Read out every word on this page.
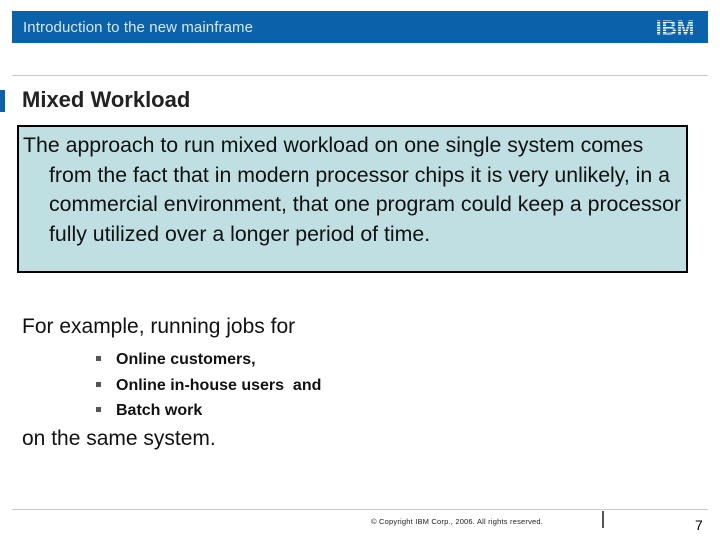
Introduction to the new mainframe	IBM
Mixed Workload

The approach to run mixed workload on one single system comes from the fact that in modern processor chips it is very unlikely, in a commercial environment, that one program could keep a processor fully utilized over a longer period of time.

For example, running jobs for
Online customers,
Online in-house users  and
Batch work
on the same system.
© Copyright IBM Corp., 2006. All rights reserved.	7
